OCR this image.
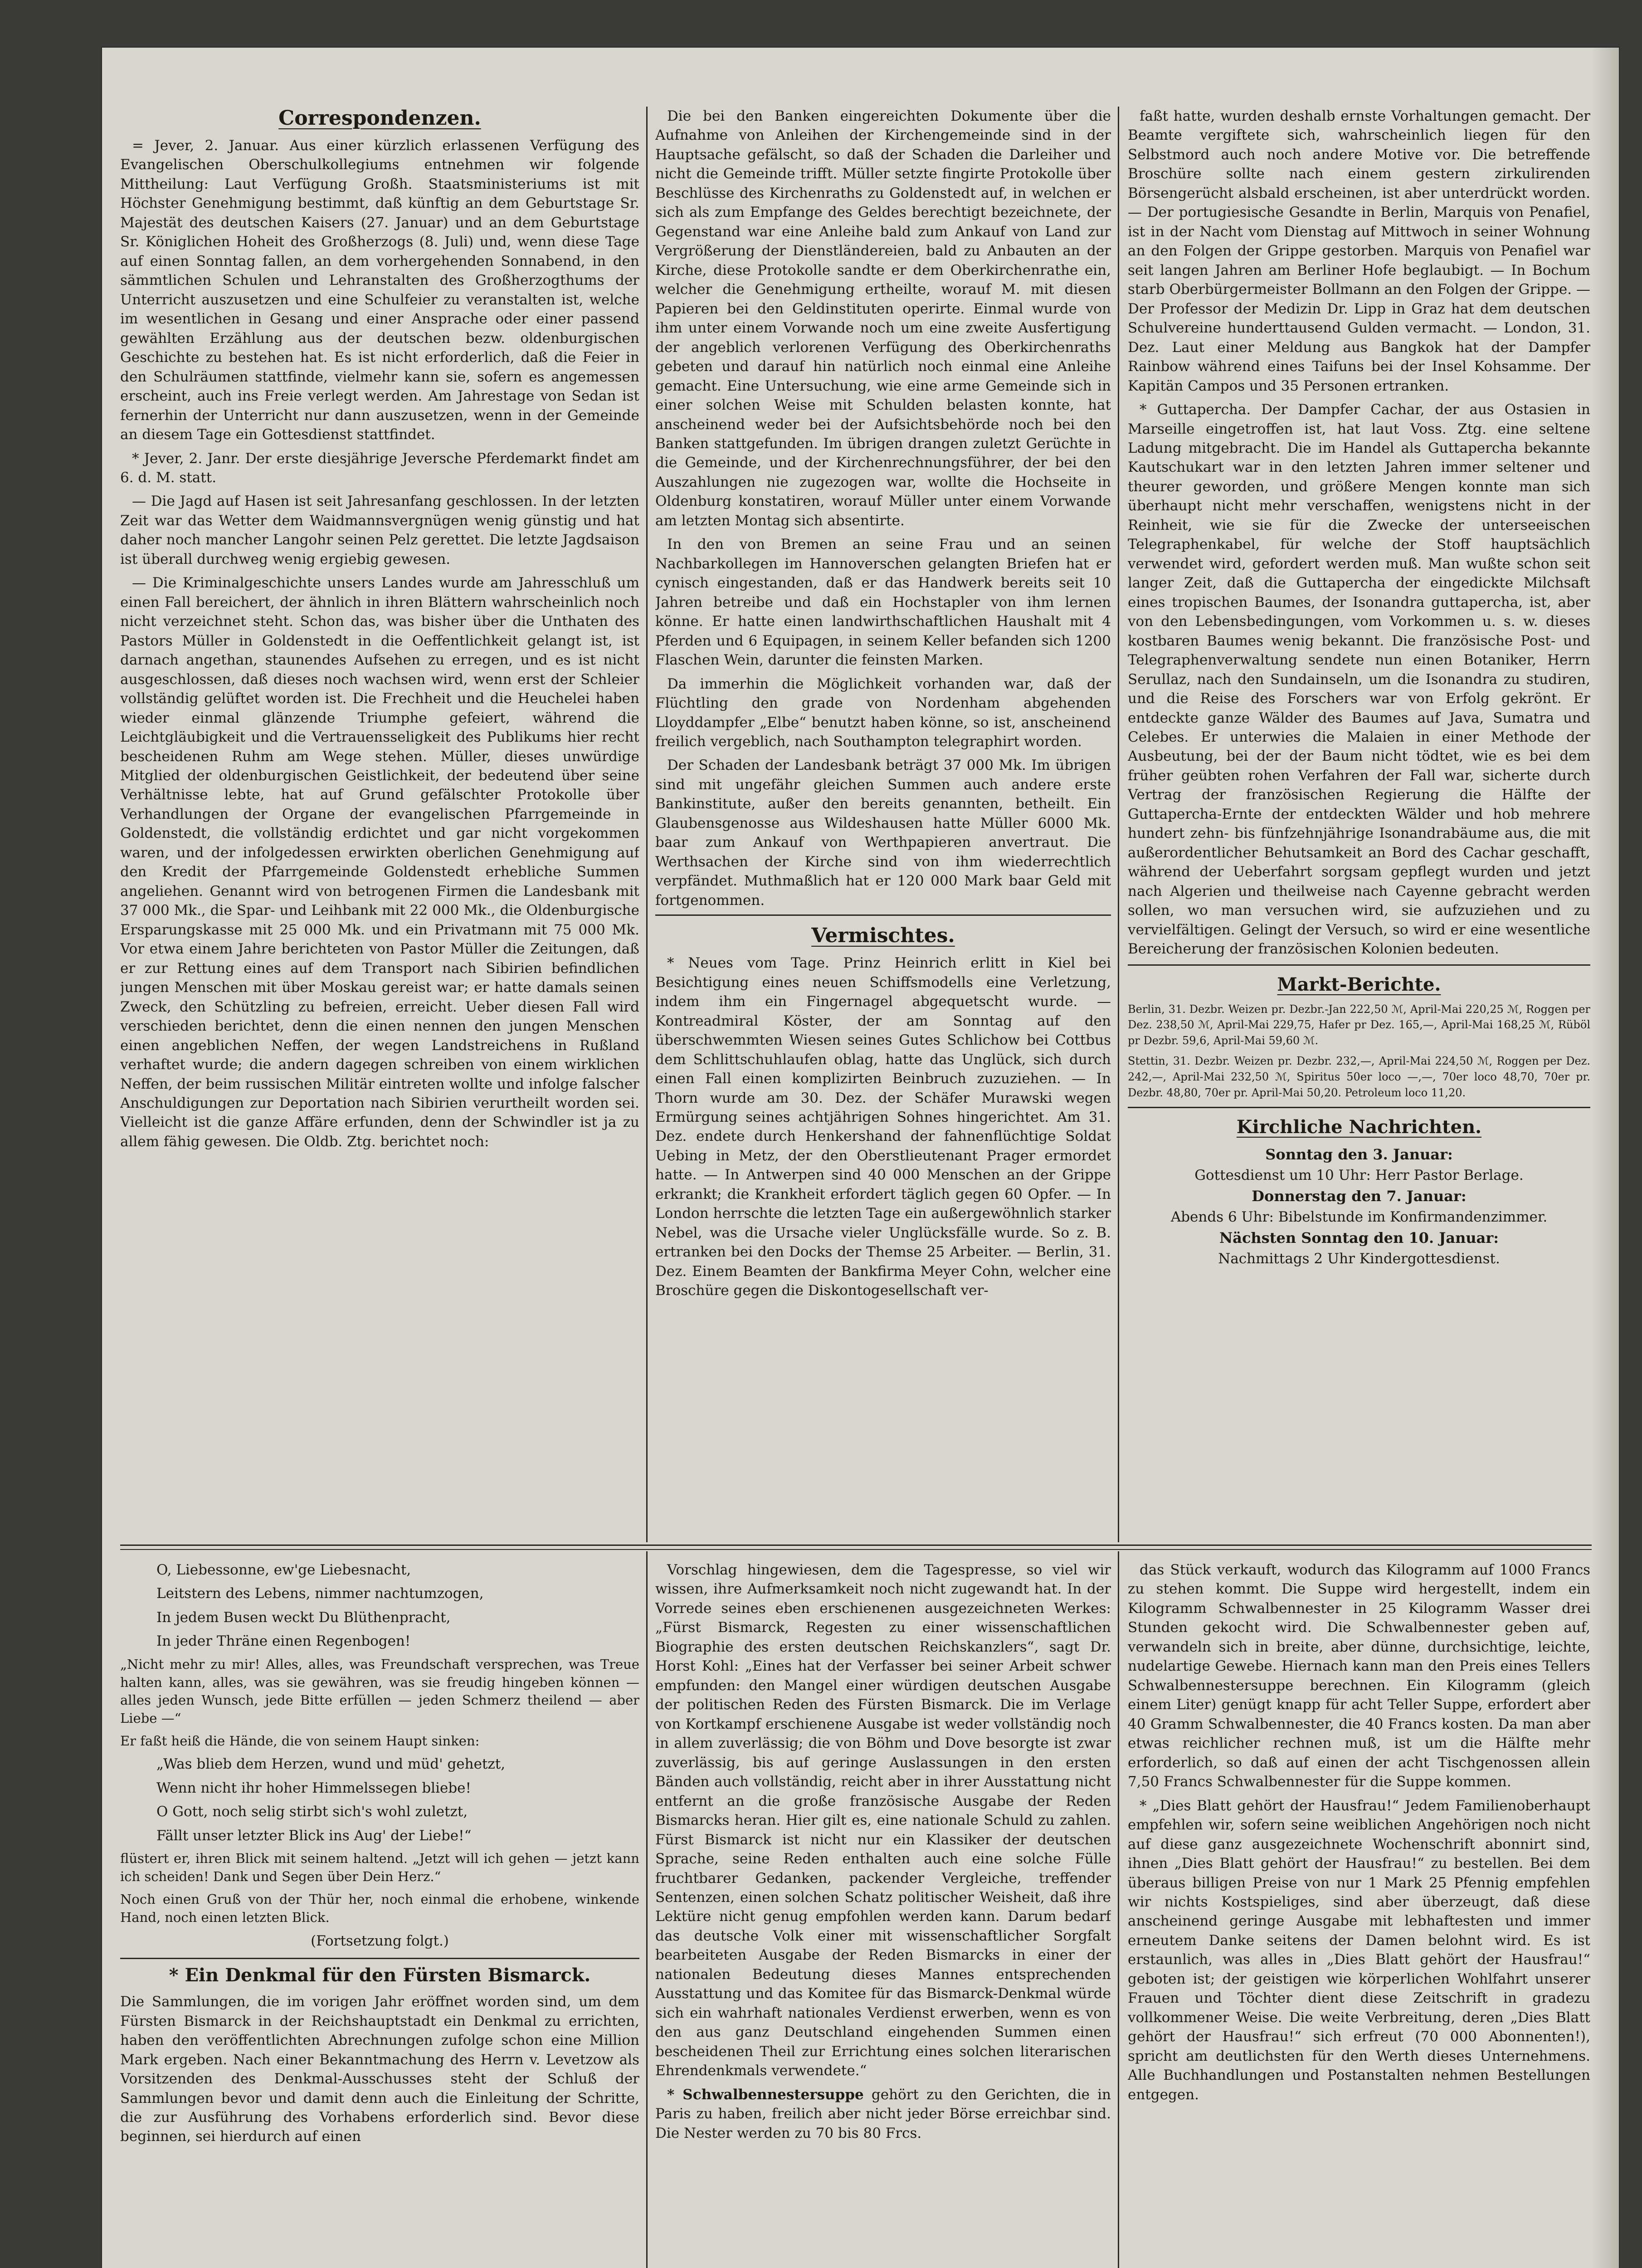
Correspondenzen.

= Jever, 2. Januar. Aus einer kürzlich erlassenen Verfügung des Evangelischen Oberschulkollegiums entnehmen wir folgende Mittheilung: Laut Verfügung Großh. Staatsministeriums ist mit Höchster Genehmigung bestimmt, daß künftig an dem Geburtstage Sr. Majestät des deutschen Kaisers (27. Januar) und an dem Geburtstage Sr. Königlichen Hoheit des Großherzogs (8. Juli) und, wenn diese Tage auf einen Sonntag fallen, an dem vorhergehenden Sonnabend, in den sämmtlichen Schulen und Lehranstalten des Großherzogthums der Unterricht auszusetzen und eine Schulfeier zu veranstalten ist, welche im wesentlichen in Gesang und einer Ansprache oder einer passend gewählten Erzählung aus der deutschen bezw. oldenburgischen Geschichte zu bestehen hat. Es ist nicht erforderlich, daß die Feier in den Schulräumen stattfinde, vielmehr kann sie, sofern es angemessen erscheint, auch ins Freie verlegt werden. Am Jahrestage von Sedan ist fernerhin der Unterricht nur dann auszusetzen, wenn in der Gemeinde an diesem Tage ein Gottesdienst stattfindet.

* Jever, 2. Janr. Der erste diesjährige Jeversche Pferdemarkt findet am 6. d. M. statt.

— Die Jagd auf Hasen ist seit Jahresanfang geschlossen. In der letzten Zeit war das Wetter dem Waidmannsvergnügen wenig günstig und hat daher noch mancher Langohr seinen Pelz gerettet. Die letzte Jagdsaison ist überall durchweg wenig ergiebig gewesen.

— Die Kriminalgeschichte unsers Landes wurde am Jahresschluß um einen Fall bereichert, der ähnlich in ihren Blättern wahrscheinlich noch nicht verzeichnet steht. Schon das, was bisher über die Unthaten des Pastors Müller in Goldenstedt in die Oeffentlichkeit gelangt ist, ist darnach angethan, staunendes Aufsehen zu erregen, und es ist nicht ausgeschlossen, daß dieses noch wachsen wird, wenn erst der Schleier vollständig gelüftet worden ist. Die Frechheit und die Heuchelei haben wieder einmal glänzende Triumphe gefeiert, während die Leichtgläubigkeit und die Vertrauensseligkeit des Publikums hier recht bescheidenen Ruhm am Wege stehen. Müller, dieses unwürdige Mitglied der oldenburgischen Geistlichkeit, der bedeutend über seine Verhältnisse lebte, hat auf Grund gefälschter Protokolle über Verhandlungen der Organe der evangelischen Pfarrgemeinde in Goldenstedt, die vollständig erdichtet und gar nicht vorgekommen waren, und der infolgedessen erwirkten oberlichen Genehmigung auf den Kredit der Pfarrgemeinde Goldenstedt erhebliche Summen angeliehen. Genannt wird von betrogenen Firmen die Landesbank mit 37 000 Mk., die Spar- und Leihbank mit 22 000 Mk., die Oldenburgische Ersparungskasse mit 25 000 Mk. und ein Privatmann mit 75 000 Mk. Vor etwa einem Jahre berichteten von Pastor Müller die Zeitungen, daß er zur Rettung eines auf dem Transport nach Sibirien befindlichen jungen Menschen mit über Moskau gereist war; er hatte damals seinen Zweck, den Schützling zu befreien, erreicht. Ueber diesen Fall wird verschieden berichtet, denn die einen nennen den jungen Menschen einen angeblichen Neffen, der wegen Landstreichens in Rußland verhaftet wurde; die andern dagegen schreiben von einem wirklichen Neffen, der beim russischen Militär eintreten wollte und infolge falscher Anschuldigungen zur Deportation nach Sibirien verurtheilt worden sei. Vielleicht ist die ganze Affäre erfunden, denn der Schwindler ist ja zu allem fähig gewesen. Die Oldb. Ztg. berichtet noch:

Die bei den Banken eingereichten Dokumente über die Aufnahme von Anleihen der Kirchengemeinde sind in der Hauptsache gefälscht, so daß der Schaden die Darleiher und nicht die Gemeinde trifft. Müller setzte fingirte Protokolle über Beschlüsse des Kirchenraths zu Goldenstedt auf, in welchen er sich als zum Empfange des Geldes berechtigt bezeichnete, der Gegenstand war eine Anleihe bald zum Ankauf von Land zur Vergrößerung der Dienstländereien, bald zu Anbauten an der Kirche, diese Protokolle sandte er dem Oberkirchenrathe ein, welcher die Genehmigung ertheilte, worauf M. mit diesen Papieren bei den Geldinstituten operirte. Einmal wurde von ihm unter einem Vorwande noch um eine zweite Ausfertigung der angeblich verlorenen Verfügung des Oberkirchenraths gebeten und darauf hin natürlich noch einmal eine Anleihe gemacht. Eine Untersuchung, wie eine arme Gemeinde sich in einer solchen Weise mit Schulden belasten konnte, hat anscheinend weder bei der Aufsichtsbehörde noch bei den Banken stattgefunden. Im übrigen drangen zuletzt Gerüchte in die Gemeinde, und der Kirchenrechnungsführer, der bei den Auszahlungen nie zugezogen war, wollte die Hochseite in Oldenburg konstatiren, worauf Müller unter einem Vorwande am letzten Montag sich absentirte.

In den von Bremen an seine Frau und an seinen Nachbarkollegen im Hannoverschen gelangten Briefen hat er cynisch eingestanden, daß er das Handwerk bereits seit 10 Jahren betreibe und daß ein Hochstapler von ihm lernen könne. Er hatte einen landwirthschaftlichen Haushalt mit 4 Pferden und 6 Equipagen, in seinem Keller befanden sich 1200 Flaschen Wein, darunter die feinsten Marken.

Da immerhin die Möglichkeit vorhanden war, daß der Flüchtling den grade von Nordenham abgehenden Lloyddampfer „Elbe“ benutzt haben könne, so ist, anscheinend freilich vergeblich, nach Southampton telegraphirt worden.

Der Schaden der Landesbank beträgt 37 000 Mk. Im übrigen sind mit ungefähr gleichen Summen auch andere erste Bankinstitute, außer den bereits genannten, betheilt. Ein Glaubensgenosse aus Wildeshausen hatte Müller 6000 Mk. baar zum Ankauf von Werthpapieren anvertraut. Die Werthsachen der Kirche sind von ihm wiederrechtlich verpfändet. Muthmaßlich hat er 120 000 Mark baar Geld mit fortgenommen.

Vermischtes.

* Neues vom Tage. Prinz Heinrich erlitt in Kiel bei Besichtigung eines neuen Schiffsmodells eine Verletzung, indem ihm ein Fingernagel abgequetscht wurde. — Kontreadmiral Köster, der am Sonntag auf den überschwemmten Wiesen seines Gutes Schlichow bei Cottbus dem Schlittschuhlaufen oblag, hatte das Unglück, sich durch einen Fall einen komplizirten Beinbruch zuzuziehen. — In Thorn wurde am 30. Dez. der Schäfer Murawski wegen Ermürgung seines achtjährigen Sohnes hingerichtet. Am 31. Dez. endete durch Henkershand der fahnenflüchtige Soldat Uebing in Metz, der den Oberstlieutenant Prager ermordet hatte. — In Antwerpen sind 40 000 Menschen an der Grippe erkrankt; die Krankheit erfordert täglich gegen 60 Opfer. — In London herrschte die letzten Tage ein außergewöhnlich starker Nebel, was die Ursache vieler Unglücksfälle wurde. So z. B. ertranken bei den Docks der Themse 25 Arbeiter. — Berlin, 31. Dez. Einem Beamten der Bankfirma Meyer Cohn, welcher eine Broschüre gegen die Diskontogesellschaft ver-

faßt hatte, wurden deshalb ernste Vorhaltungen gemacht. Der Beamte vergiftete sich, wahrscheinlich liegen für den Selbstmord auch noch andere Motive vor. Die betreffende Broschüre sollte nach einem gestern zirkulirenden Börsengerücht alsbald erscheinen, ist aber unterdrückt worden. — Der portugiesische Gesandte in Berlin, Marquis von Penafiel, ist in der Nacht vom Dienstag auf Mittwoch in seiner Wohnung an den Folgen der Grippe gestorben. Marquis von Penafiel war seit langen Jahren am Berliner Hofe beglaubigt. — In Bochum starb Oberbürgermeister Bollmann an den Folgen der Grippe. — Der Professor der Medizin Dr. Lipp in Graz hat dem deutschen Schulvereine hunderttausend Gulden vermacht. — London, 31. Dez. Laut einer Meldung aus Bangkok hat der Dampfer Rainbow während eines Taifuns bei der Insel Kohsamme. Der Kapitän Campos und 35 Personen ertranken.

* Guttapercha. Der Dampfer Cachar, der aus Ostasien in Marseille eingetroffen ist, hat laut Voss. Ztg. eine seltene Ladung mitgebracht. Die im Handel als Guttapercha bekannte Kautschukart war in den letzten Jahren immer seltener und theurer geworden, und größere Mengen konnte man sich überhaupt nicht mehr verschaffen, wenigstens nicht in der Reinheit, wie sie für die Zwecke der unterseeischen Telegraphenkabel, für welche der Stoff hauptsächlich verwendet wird, gefordert werden muß. Man wußte schon seit langer Zeit, daß die Guttapercha der eingedickte Milchsaft eines tropischen Baumes, der Isonandra guttapercha, ist, aber von den Lebensbedingungen, vom Vorkommen u. s. w. dieses kostbaren Baumes wenig bekannt. Die französische Post- und Telegraphenverwaltung sendete nun einen Botaniker, Herrn Serullaz, nach den Sundainseln, um die Isonandra zu studiren, und die Reise des Forschers war von Erfolg gekrönt. Er entdeckte ganze Wälder des Baumes auf Java, Sumatra und Celebes. Er unterwies die Malaien in einer Methode der Ausbeutung, bei der der Baum nicht tödtet, wie es bei dem früher geübten rohen Verfahren der Fall war, sicherte durch Vertrag der französischen Regierung die Hälfte der Guttapercha-Ernte der entdeckten Wälder und hob mehrere hundert zehn- bis fünfzehnjährige Isonandrabäume aus, die mit außerordentlicher Behutsamkeit an Bord des Cachar geschafft, während der Ueberfahrt sorgsam gepflegt wurden und jetzt nach Algerien und theilweise nach Cayenne gebracht werden sollen, wo man versuchen wird, sie aufzuziehen und zu vervielfältigen. Gelingt der Versuch, so wird er eine wesentliche Bereicherung der französischen Kolonien bedeuten.

Markt-Berichte.

Berlin, 31. Dezbr. Weizen pr. Dezbr.-Jan 222,50 ℳ, April-Mai 220,25 ℳ, Roggen per Dez. 238,50 ℳ, April-Mai 229,75, Hafer pr Dez. 165,—, April-Mai 168,25 ℳ, Rüböl pr Dezbr. 59,6, April-Mai 59,60 ℳ.

Stettin, 31. Dezbr. Weizen pr. Dezbr. 232,—, April-Mai 224,50 ℳ, Roggen per Dez. 242,—, April-Mai 232,50 ℳ, Spiritus 50er loco —,—, 70er loco 48,70, 70er pr. Dezbr. 48,80, 70er pr. April-Mai 50,20. Petroleum loco 11,20.

Kirchliche Nachrichten.

Sonntag den 3. Januar:

Gottesdienst um 10 Uhr: Herr Pastor Berlage.

Donnerstag den 7. Januar:

Abends 6 Uhr: Bibelstunde im Konfirmandenzimmer.

Nächsten Sonntag den 10. Januar:

Nachmittags 2 Uhr Kindergottesdienst.

O, Liebessonne, ew'ge Liebesnacht,

Leitstern des Lebens, nimmer nachtumzogen,

In jedem Busen weckt Du Blüthenpracht,

In jeder Thräne einen Regenbogen!

„Nicht mehr zu mir! Alles, alles, was Freundschaft versprechen, was Treue halten kann, alles, was sie gewähren, was sie freudig hingeben können — alles jeden Wunsch, jede Bitte erfüllen — jeden Schmerz theilend — aber Liebe —“

Er faßt heiß die Hände, die von seinem Haupt sinken:

„Was blieb dem Herzen, wund und müd' gehetzt,

Wenn nicht ihr hoher Himmelssegen bliebe!

O Gott, noch selig stirbt sich's wohl zuletzt,

Fällt unser letzter Blick ins Aug' der Liebe!“

flüstert er, ihren Blick mit seinem haltend. „Jetzt will ich gehen — jetzt kann ich scheiden! Dank und Segen über Dein Herz.“

Noch einen Gruß von der Thür her, noch einmal die erhobene, winkende Hand, noch einen letzten Blick.

(Fortsetzung folgt.)

* Ein Denkmal für den Fürsten Bismarck.

Die Sammlungen, die im vorigen Jahr eröffnet worden sind, um dem Fürsten Bismarck in der Reichshauptstadt ein Denkmal zu errichten, haben den veröffentlichten Abrechnungen zufolge schon eine Million Mark ergeben. Nach einer Bekanntmachung des Herrn v. Levetzow als Vorsitzenden des Denkmal-Ausschusses steht der Schluß der Sammlungen bevor und damit denn auch die Einleitung der Schritte, die zur Ausführung des Vorhabens erforderlich sind. Bevor diese beginnen, sei hierdurch auf einen

Vorschlag hingewiesen, dem die Tagespresse, so viel wir wissen, ihre Aufmerksamkeit noch nicht zugewandt hat. In der Vorrede seines eben erschienenen ausgezeichneten Werkes: „Fürst Bismarck, Regesten zu einer wissenschaftlichen Biographie des ersten deutschen Reichskanzlers“, sagt Dr. Horst Kohl: „Eines hat der Verfasser bei seiner Arbeit schwer empfunden: den Mangel einer würdigen deutschen Ausgabe der politischen Reden des Fürsten Bismarck. Die im Verlage von Kortkampf erschienene Ausgabe ist weder vollständig noch in allem zuverlässig; die von Böhm und Dove besorgte ist zwar zuverlässig, bis auf geringe Auslassungen in den ersten Bänden auch vollständig, reicht aber in ihrer Ausstattung nicht entfernt an die große französische Ausgabe der Reden Bismarcks heran. Hier gilt es, eine nationale Schuld zu zahlen. Fürst Bismarck ist nicht nur ein Klassiker der deutschen Sprache, seine Reden enthalten auch eine solche Fülle fruchtbarer Gedanken, packender Vergleiche, treffender Sentenzen, einen solchen Schatz politischer Weisheit, daß ihre Lektüre nicht genug empfohlen werden kann. Darum bedarf das deutsche Volk einer mit wissenschaftlicher Sorgfalt bearbeiteten Ausgabe der Reden Bismarcks in einer der nationalen Bedeutung dieses Mannes entsprechenden Ausstattung und das Komitee für das Bismarck-Denkmal würde sich ein wahrhaft nationales Verdienst erwerben, wenn es von den aus ganz Deutschland eingehenden Summen einen bescheidenen Theil zur Errichtung eines solchen literarischen Ehrendenkmals verwendete.“

* Schwalbennestersuppe gehört zu den Gerichten, die in Paris zu haben, freilich aber nicht jeder Börse erreichbar sind. Die Nester werden zu 70 bis 80 Frcs.

das Stück verkauft, wodurch das Kilogramm auf 1000 Francs zu stehen kommt. Die Suppe wird hergestellt, indem ein Kilogramm Schwalbennester in 25 Kilogramm Wasser drei Stunden gekocht wird. Die Schwalbennester geben auf, verwandeln sich in breite, aber dünne, durchsichtige, leichte, nudelartige Gewebe. Hiernach kann man den Preis eines Tellers Schwalbennestersuppe berechnen. Ein Kilogramm (gleich einem Liter) genügt knapp für acht Teller Suppe, erfordert aber 40 Gramm Schwalbennester, die 40 Francs kosten. Da man aber etwas reichlicher rechnen muß, ist um die Hälfte mehr erforderlich, so daß auf einen der acht Tischgenossen allein 7,50 Francs Schwalbennester für die Suppe kommen.

* „Dies Blatt gehört der Hausfrau!“ Jedem Familienoberhaupt empfehlen wir, sofern seine weiblichen Angehörigen noch nicht auf diese ganz ausgezeichnete Wochenschrift abonnirt sind, ihnen „Dies Blatt gehört der Hausfrau!“ zu bestellen. Bei dem überaus billigen Preise von nur 1 Mark 25 Pfennig empfehlen wir nichts Kostspieliges, sind aber überzeugt, daß diese anscheinend geringe Ausgabe mit lebhaftesten und immer erneutem Danke seitens der Damen belohnt wird. Es ist erstaunlich, was alles in „Dies Blatt gehört der Hausfrau!“ geboten ist; der geistigen wie körperlichen Wohlfahrt unserer Frauen und Töchter dient diese Zeitschrift in gradezu vollkommener Weise. Die weite Verbreitung, deren „Dies Blatt gehört der Hausfrau!“ sich erfreut (70 000 Abonnenten!), spricht am deutlichsten für den Werth dieses Unternehmens. Alle Buchhandlungen und Postanstalten nehmen Bestellungen entgegen.
